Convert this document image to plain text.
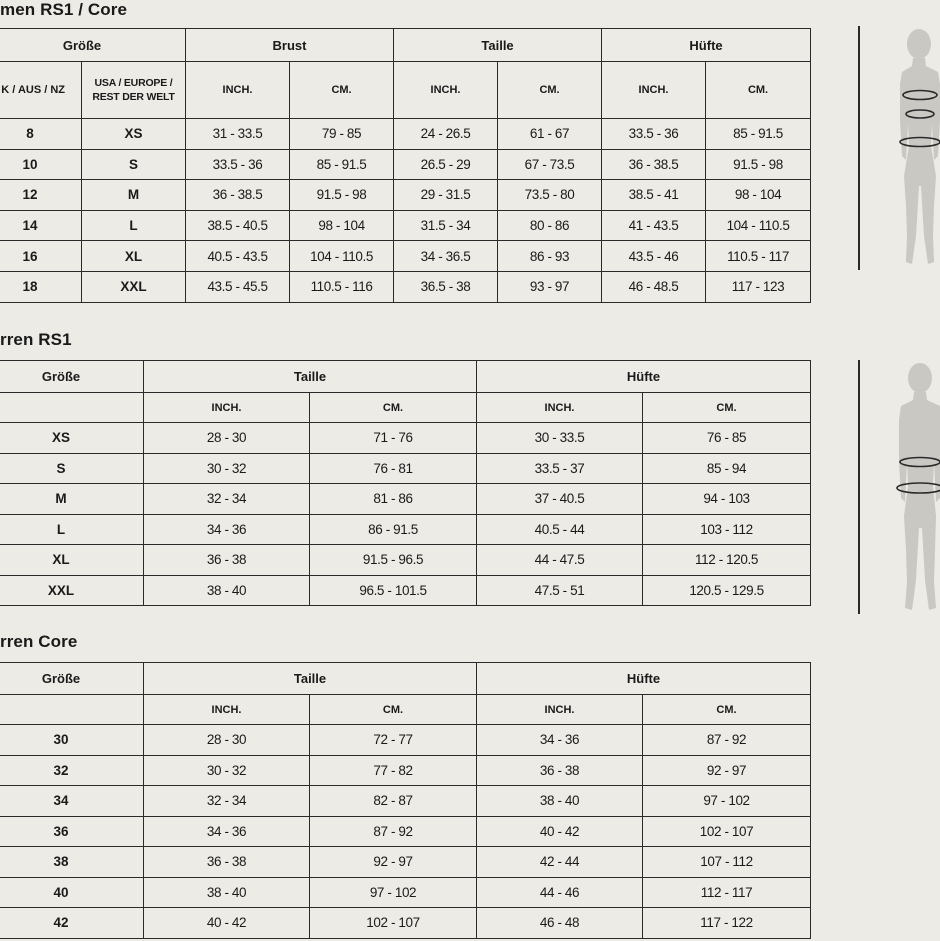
men RS1 / Core
Größe		Brust		Taille		Hüfte	
K / AUS / NZ	USA / EUROPE / REST DER WELT	INCH.	CM.	INCH.	CM.	INCH.	CM.
8	XS	31 - 33.5	79 - 85	24 - 26.5	61 - 67	33.5 - 36	85 - 91.5
10	S	33.5 - 36	85 - 91.5	26.5 - 29	67 - 73.5	36 - 38.5	91.5 - 98
12	M	36 - 38.5	91.5 - 98	29 - 31.5	73.5 - 80	38.5 - 41	98 - 104
14	L	38.5 - 40.5	98 - 104	31.5 - 34	80 - 86	41 - 43.5	104 - 110.5
16	XL	40.5 - 43.5	104 - 110.5	34 - 36.5	86 - 93	43.5 - 46	110.5 - 117
18	XXL	43.5 - 45.5	110.5 - 116	36.5 - 38	93 - 97	46 - 48.5	117 - 123
rren RS1
Größe	Taille		Hüfte	
	INCH.	CM.	INCH.	CM.
XS	28 - 30	71 - 76	30 - 33.5	76 - 85
S	30 - 32	76 - 81	33.5 - 37	85 - 94
M	32 - 34	81 - 86	37 - 40.5	94 - 103
L	34 - 36	86 - 91.5	40.5 - 44	103 - 112
XL	36 - 38	91.5 - 96.5	44 - 47.5	112 - 120.5
XXL	38 - 40	96.5 - 101.5	47.5 - 51	120.5 - 129.5
rren Core
Größe	Taille		Hüfte	
	INCH.	CM.	INCH.	CM.
30	28 - 30	72 - 77	34 - 36	87 - 92
32	30 - 32	77 - 82	36 - 38	92 - 97
34	32 - 34	82 - 87	38 - 40	97 - 102
36	34 - 36	87 - 92	40 - 42	102 - 107
38	36 - 38	92 - 97	42 - 44	107 - 112
40	38 - 40	97 - 102	44 - 46	112 - 117
42	40 - 42	102 - 107	46 - 48	117 - 122
